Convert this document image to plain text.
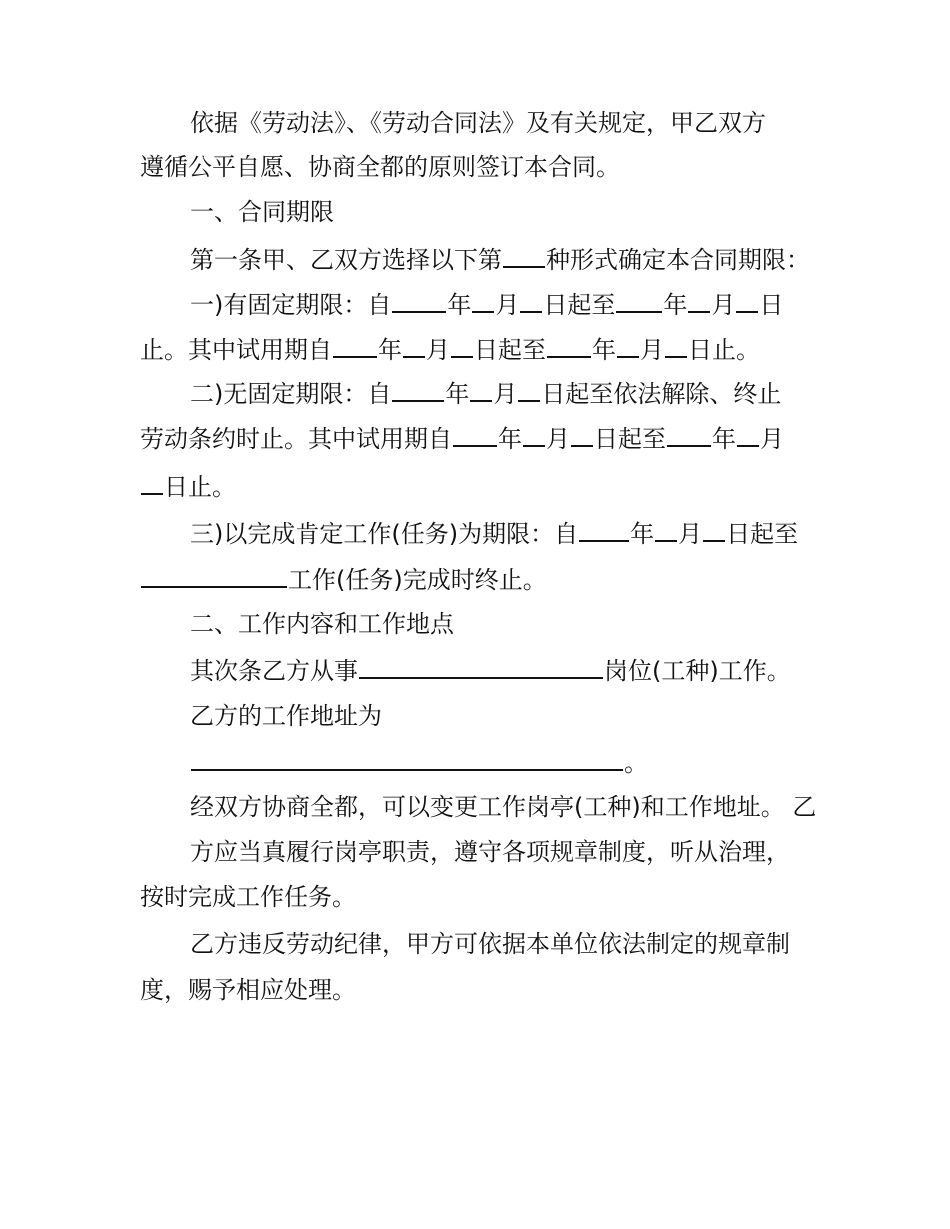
依据《劳动法》、《劳动合同法》及有关规定，甲乙双方
遵循公平自愿、协商全都的原则签订本合同。
一、合同期限
第一条甲、乙双方选择以下第 种形式确定本合同期限：
一)有固定期限：自 年 月 日起至 年 月 日
止。其中试用期自 年 月 日起至 年 月 日止。
二)无固定期限：自 年 月 日起至依法解除、终止
劳动条约时止。其中试用期自 年 月 日起至 年 月
日止。
三)以完成肯定工作(任务)为期限：自 年 月 日起至
工作(任务)完成时终止。
二、工作内容和工作地点
其次条乙方从事	岗位(工种)工作。
乙方的工作地址为
。
经双方协商全都，可以变更工作岗亭(工种)和工作地址。 乙
方应当真履行岗亭职责，遵守各项规章制度，听从治理，
按时完成工作任务。
乙方违反劳动纪律，甲方可依据本单位依法制定的规章制
度，赐予相应处理。
